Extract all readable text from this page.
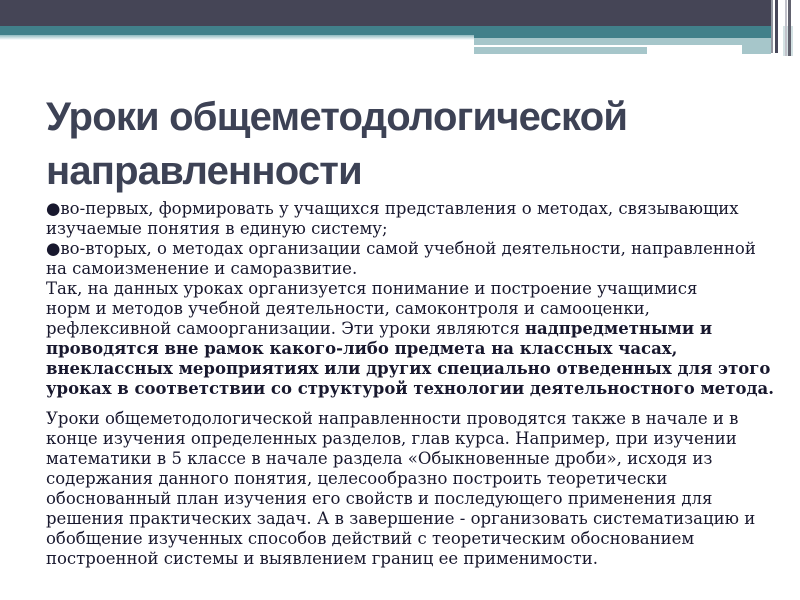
Уроки общеметодологической
направленности
●во-первых, формировать у учащихся представления о методах, связывающих
изучаемые понятия в единую систему;
●во-вторых, о методах организации самой учебной деятельности, направленной
на самоизменение и саморазвитие.
Так, на данных уроках организуется понимание и построение учащимися
норм и методов учебной деятельности, самоконтроля и самооценки,
рефлексивной самоорганизации. Эти уроки являются надпредметными и
проводятся вне рамок какого-либо предмета на классных часах,
внеклассных мероприятиях или других специально отведенных для этого
уроках в соответствии со структурой технологии деятельностного метода.
Уроки общеметодологической направленности проводятся также в начале и в
конце изучения определенных разделов, глав курса. Например, при изучении
математики в 5 классе в начале раздела «Обыкновенные дроби», исходя из
содержания данного понятия, целесообразно построить теоретически
обоснованный план изучения его свойств и последующего применения для
решения практических задач. А в завершение - организовать систематизацию и
обобщение изученных способов действий с теоретическим обоснованием
построенной системы и выявлением границ ее применимости.
